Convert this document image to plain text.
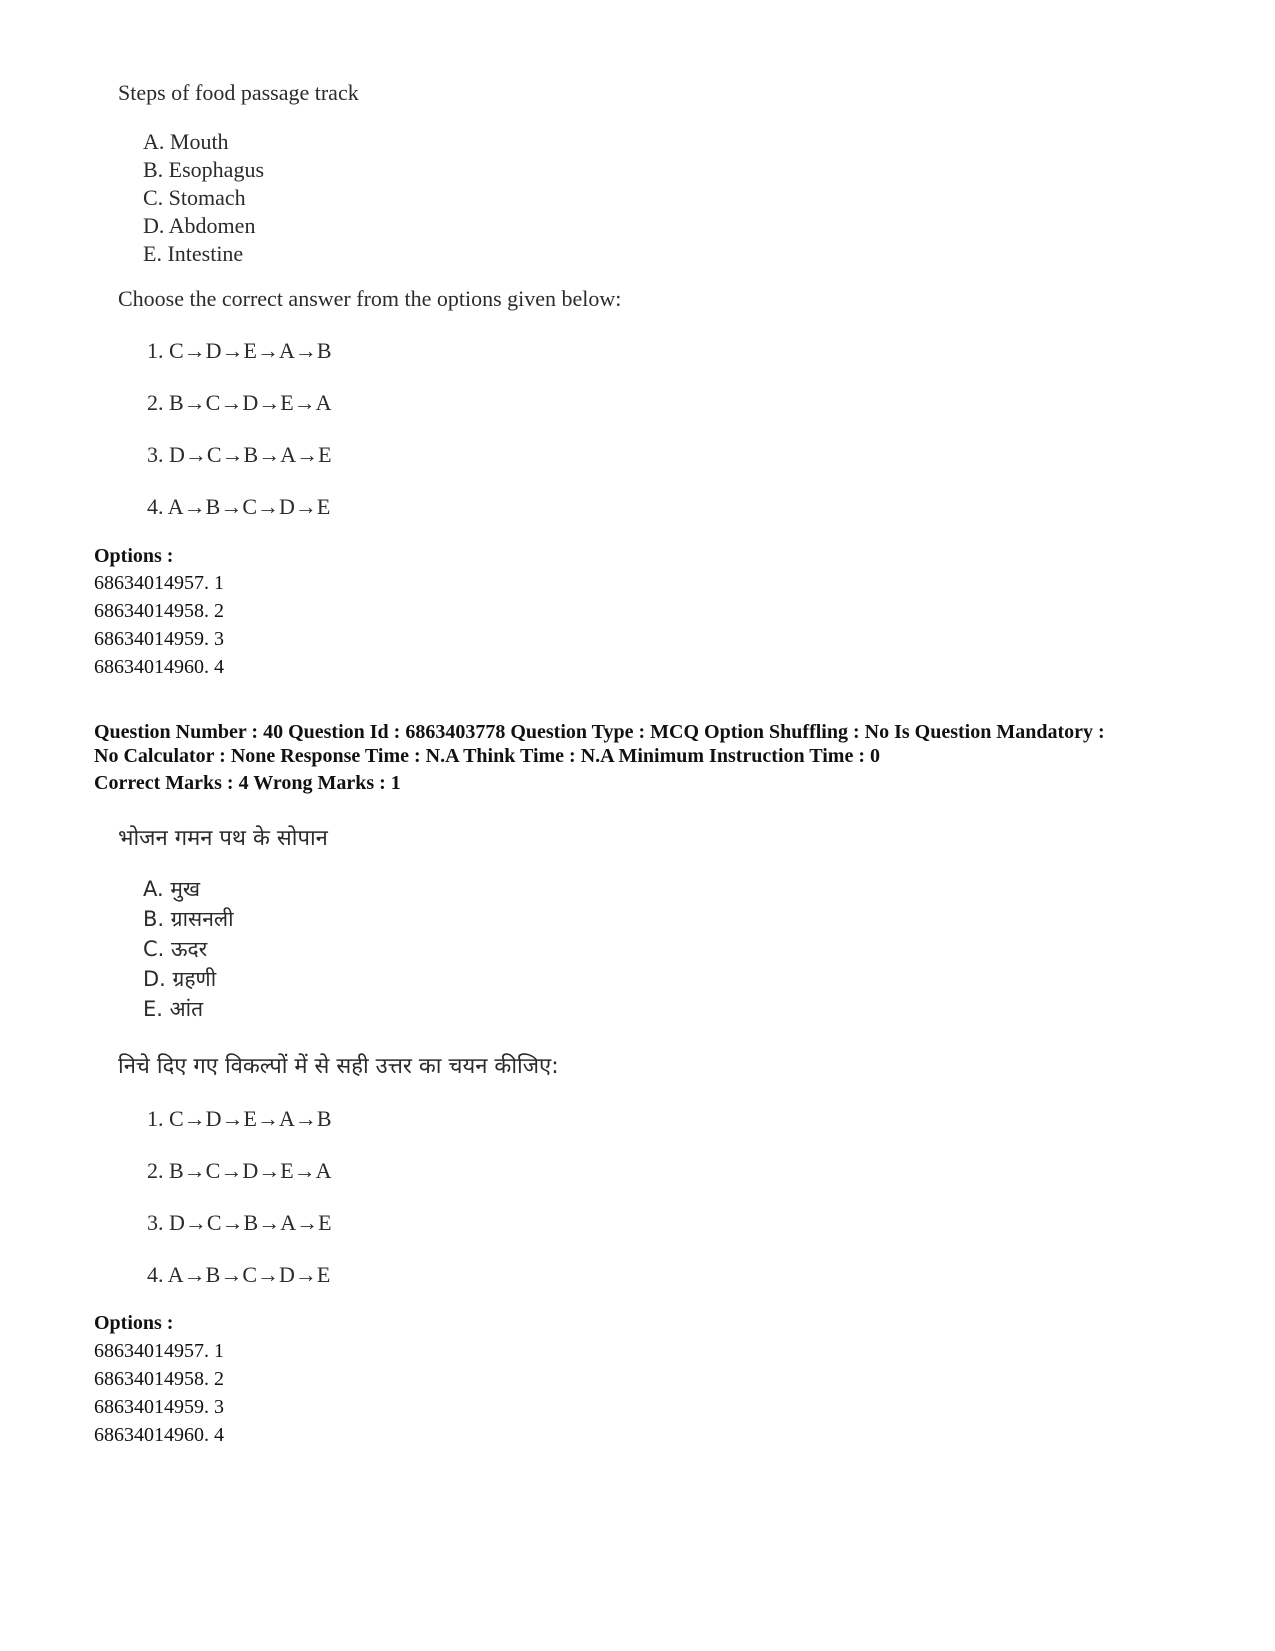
Steps of food passage track
A. Mouth
B. Esophagus
C. Stomach
D. Abdomen
E. Intestine
Choose the correct answer from the options given below:
1. C→D→E→A→B
2. B→C→D→E→A
3. D→C→B→A→E
4. A→B→C→D→E
Options :
68634014957. 1
68634014958. 2
68634014959. 3
68634014960. 4
Question Number : 40 Question Id : 6863403778 Question Type : MCQ Option Shuffling : No Is Question Mandatory :
No Calculator : None Response Time : N.A Think Time : N.A Minimum Instruction Time : 0
Correct Marks : 4 Wrong Marks : 1
भोजन गमन पथ के सोपान
A. मुख
B. ग्रासनली
C. ऊदर
D. ग्रहणी
E. आंत
निचे दिए गए विकल्पों में से सही उत्तर का चयन कीजिए:
1. C→D→E→A→B
2. B→C→D→E→A
3. D→C→B→A→E
4. A→B→C→D→E
Options :
68634014957. 1
68634014958. 2
68634014959. 3
68634014960. 4
